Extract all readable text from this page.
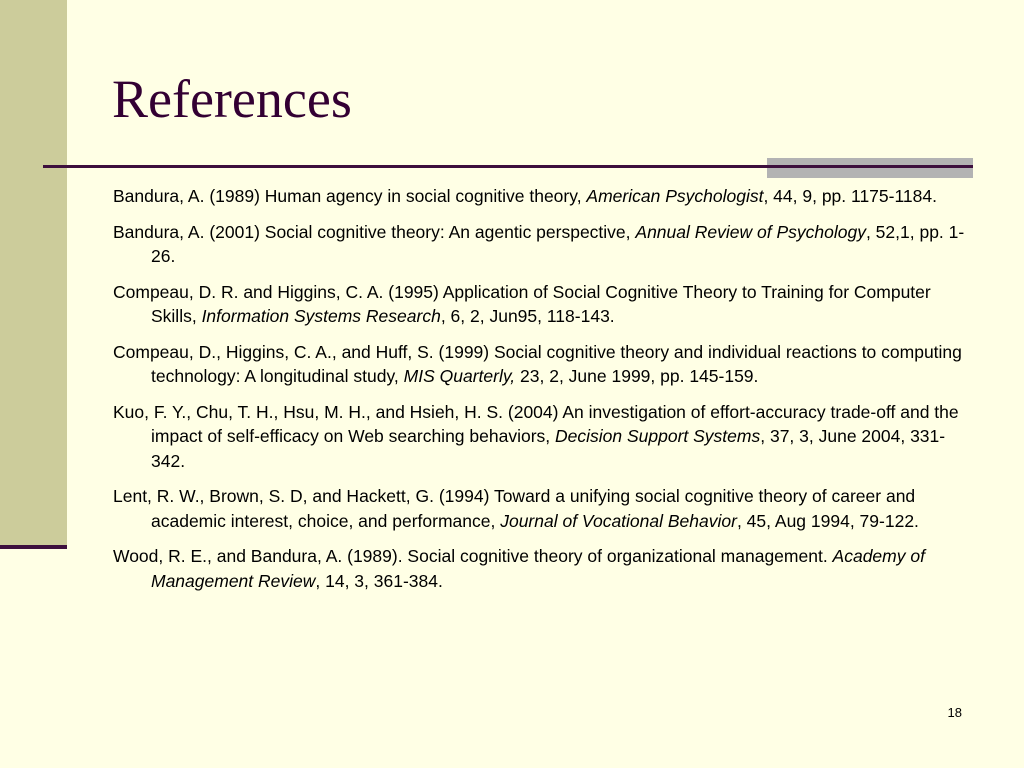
References
Bandura, A. (1989) Human agency in social cognitive theory, American Psychologist, 44, 9, pp. 1175-1184.
Bandura, A. (2001) Social cognitive theory: An agentic perspective, Annual Review of Psychology, 52,1, pp. 1-26.
Compeau, D. R. and Higgins, C. A. (1995) Application of Social Cognitive Theory to Training for Computer Skills, Information Systems Research, 6, 2, Jun95, 118-143.
Compeau, D., Higgins, C. A., and Huff, S. (1999) Social cognitive theory and individual reactions to computing technology: A longitudinal study, MIS Quarterly, 23, 2, June 1999, pp. 145-159.
Kuo, F. Y., Chu, T. H., Hsu, M. H., and Hsieh, H. S. (2004) An investigation of effort-accuracy trade-off and the impact of self-efficacy on Web searching behaviors, Decision Support Systems, 37, 3, June 2004, 331-342.
Lent, R. W., Brown, S. D, and Hackett, G. (1994) Toward a unifying social cognitive theory of career and academic interest, choice, and performance, Journal of Vocational Behavior, 45, Aug 1994, 79-122.
Wood, R. E., and Bandura, A. (1989). Social cognitive theory of organizational management. Academy of Management Review, 14, 3, 361-384.
18
